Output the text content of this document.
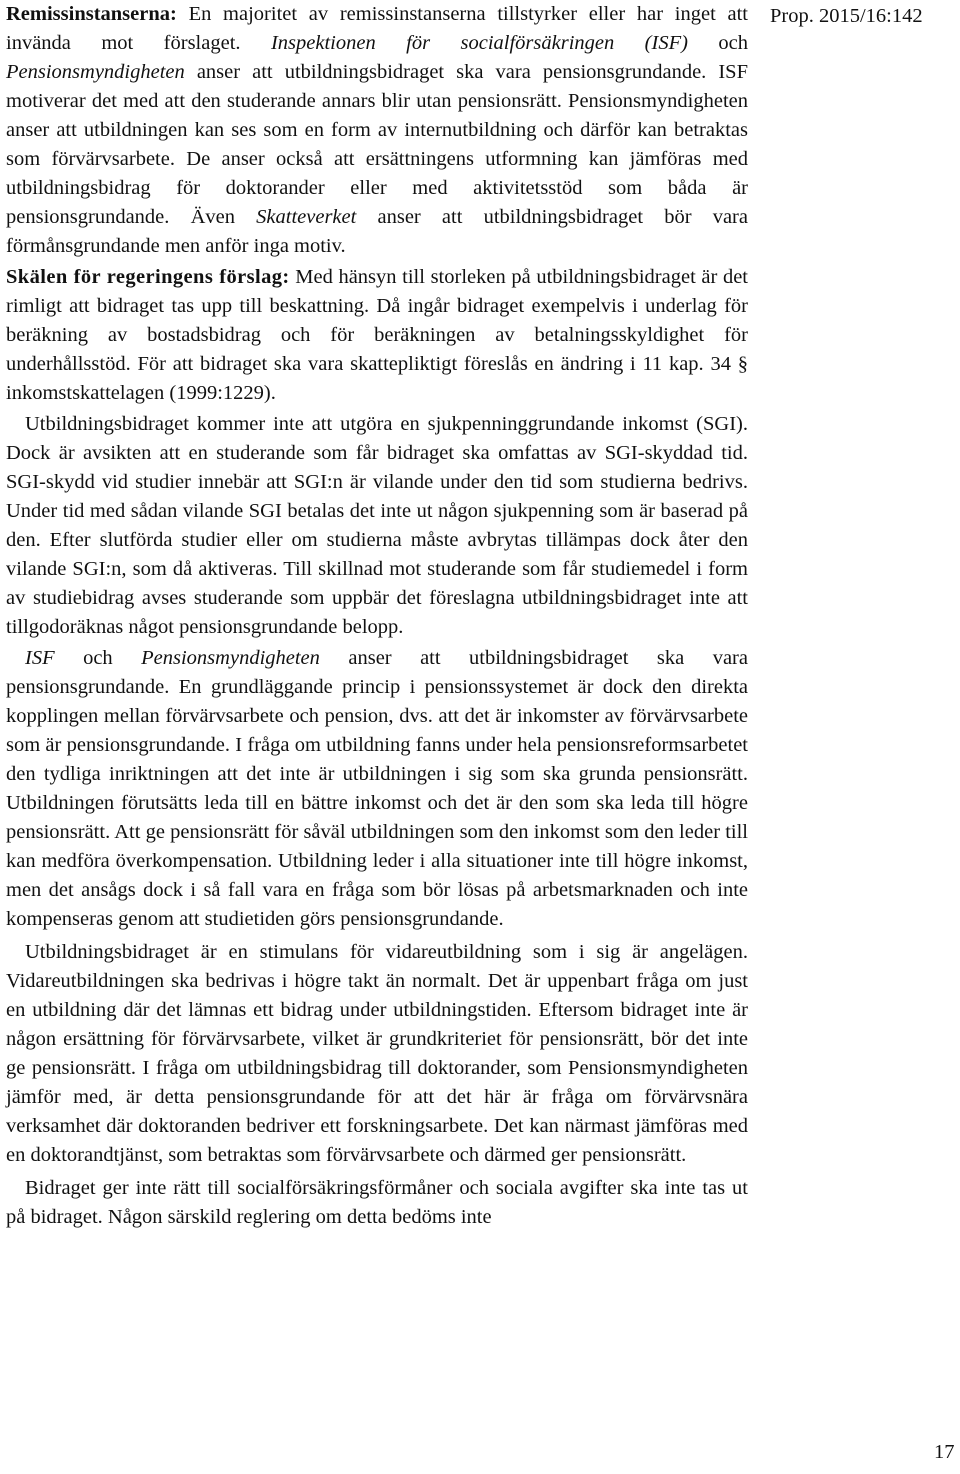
Prop. 2015/16:142

Remissinstanserna: En majoritet av remissinstanserna tillstyrker eller har inget att invända mot förslaget. Inspektionen för socialförsäkringen (ISF) och Pensionsmyndigheten anser att utbildningsbidraget ska vara pensionsgrundande. ISF motiverar det med att den studerande annars blir utan pensionsrätt. Pensionsmyndigheten anser att utbildningen kan ses som en form av internutbildning och därför kan betraktas som förvärvsarbete. De anser också att ersättningens utformning kan jämföras med utbildningsbidrag för doktorander eller med aktivitetsstöd som båda är pensionsgrundande. Även Skatteverket anser att utbildningsbidraget bör vara förmånsgrundande men anför inga motiv.

Skälen för regeringens förslag: Med hänsyn till storleken på utbildningsbidraget är det rimligt att bidraget tas upp till beskattning. Då ingår bidraget exempelvis i underlag för beräkning av bostadsbidrag och för beräkningen av betalningsskyldighet för underhållsstöd. För att bidraget ska vara skattepliktigt föreslås en ändring i 11 kap. 34 § inkomstskattelagen (1999:1229).

Utbildningsbidraget kommer inte att utgöra en sjukpenninggrundande inkomst (SGI). Dock är avsikten att en studerande som får bidraget ska omfattas av SGI-skyddad tid. SGI-skydd vid studier innebär att SGI:n är vilande under den tid som studierna bedrivs. Under tid med sådan vilande SGI betalas det inte ut någon sjukpenning som är baserad på den. Efter slutförda studier eller om studierna måste avbrytas tillämpas dock åter den vilande SGI:n, som då aktiveras. Till skillnad mot studerande som får studiemedel i form av studiebidrag avses studerande som uppbär det föreslagna utbildningsbidraget inte att tillgodoräknas något pensionsgrundande belopp.

ISF och Pensionsmyndigheten anser att utbildningsbidraget ska vara pensionsgrundande. En grundläggande princip i pensionssystemet är dock den direkta kopplingen mellan förvärvsarbete och pension, dvs. att det är inkomster av förvärvsarbete som är pensionsgrundande. I fråga om utbildning fanns under hela pensionsreformsarbetet den tydliga inriktningen att det inte är utbildningen i sig som ska grunda pensionsrätt. Utbildningen förutsätts leda till en bättre inkomst och det är den som ska leda till högre pensionsrätt. Att ge pensionsrätt för såväl utbildningen som den inkomst som den leder till kan medföra överkompensation. Utbildning leder i alla situationer inte till högre inkomst, men det ansågs dock i så fall vara en fråga som bör lösas på arbetsmarknaden och inte kompenseras genom att studietiden görs pensionsgrundande.

Utbildningsbidraget är en stimulans för vidareutbildning som i sig är angelägen. Vidareutbildningen ska bedrivas i högre takt än normalt. Det är uppenbart fråga om just en utbildning där det lämnas ett bidrag under utbildningstiden. Eftersom bidraget inte är någon ersättning för förvärvsarbete, vilket är grundkriteriet för pensionsrätt, bör det inte ge pensionsrätt. I fråga om utbildningsbidrag till doktorander, som Pensionsmyndigheten jämför med, är detta pensionsgrundande för att det här är fråga om förvärvsnära verksamhet där doktoranden bedriver ett forskningsarbete. Det kan närmast jämföras med en doktorandtjänst, som betraktas som förvärvsarbete och därmed ger pensionsrätt.

Bidraget ger inte rätt till socialförsäkringsförmåner och sociala avgifter ska inte tas ut på bidraget. Någon särskild reglering om detta bedöms inte

17
